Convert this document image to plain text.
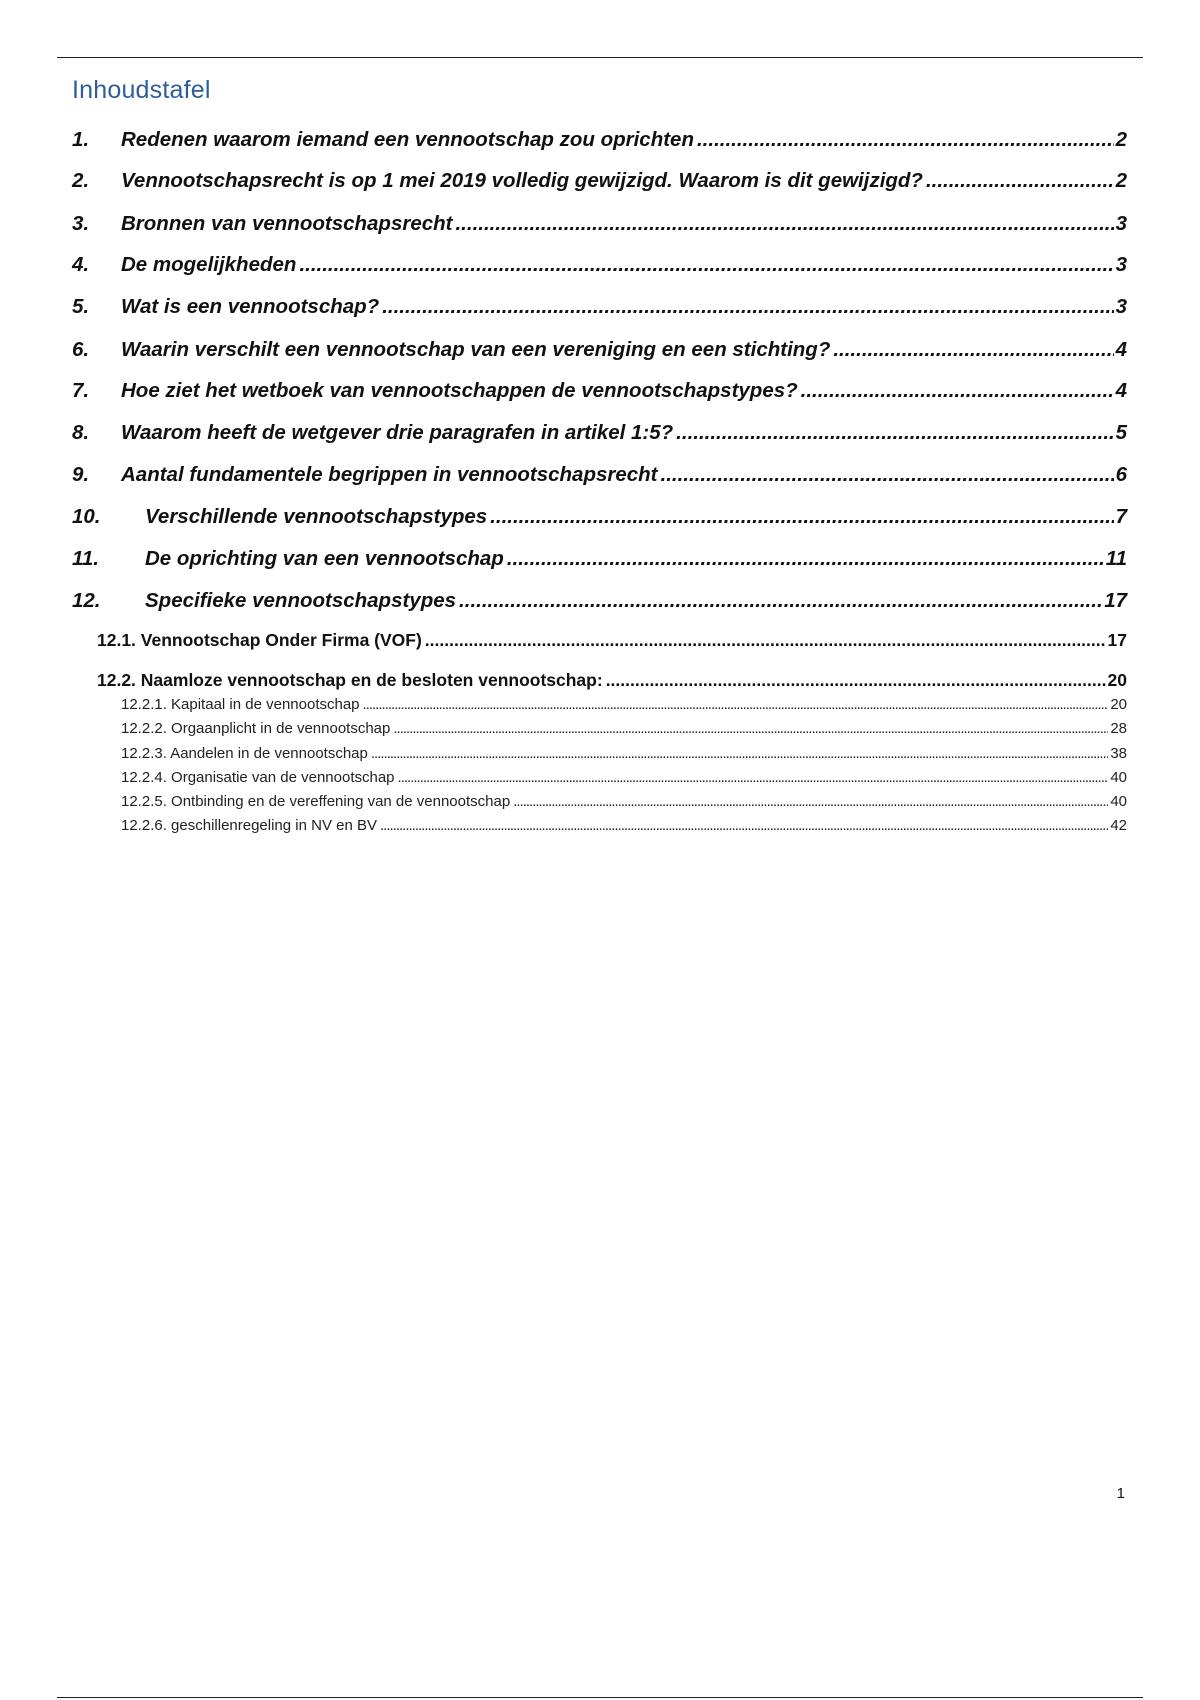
Inhoudstafel
1.	Redenen waarom iemand een vennootschap zou oprichten .....	2
2.	Vennootschapsrecht is op 1 mei 2019 volledig gewijzigd. Waarom is dit gewijzigd? .....	2
3.	Bronnen van vennootschapsrecht .....	3
4.	De mogelijkheden .....	3
5.	Wat is een vennootschap? .....	3
6.	Waarin verschilt een vennootschap van een vereniging en een stichting? .....	4
7.	Hoe ziet het wetboek van vennootschappen de vennootschapstypes? .....	4
8.	Waarom heeft de wetgever drie paragrafen in artikel 1:5? .....	5
9.	Aantal fundamentele begrippen in vennootschapsrecht .....	6
10.	Verschillende vennootschapstypes .....	7
11.	De oprichting van een vennootschap .....	11
12.	Specifieke vennootschapstypes .....	17
12.1. Vennootschap Onder Firma (VOF) .....	17
12.2. Naamloze vennootschap en de besloten vennootschap: .....	20
12.2.1. Kapitaal in de vennootschap .....	20
12.2.2. Orgaanplicht in de vennootschap .....	28
12.2.3. Aandelen in de vennootschap .....	38
12.2.4. Organisatie van de vennootschap .....	40
12.2.5. Ontbinding en de vereffening van de vennootschap .....	40
12.2.6. geschillenregeling in NV en BV .....	42
1
